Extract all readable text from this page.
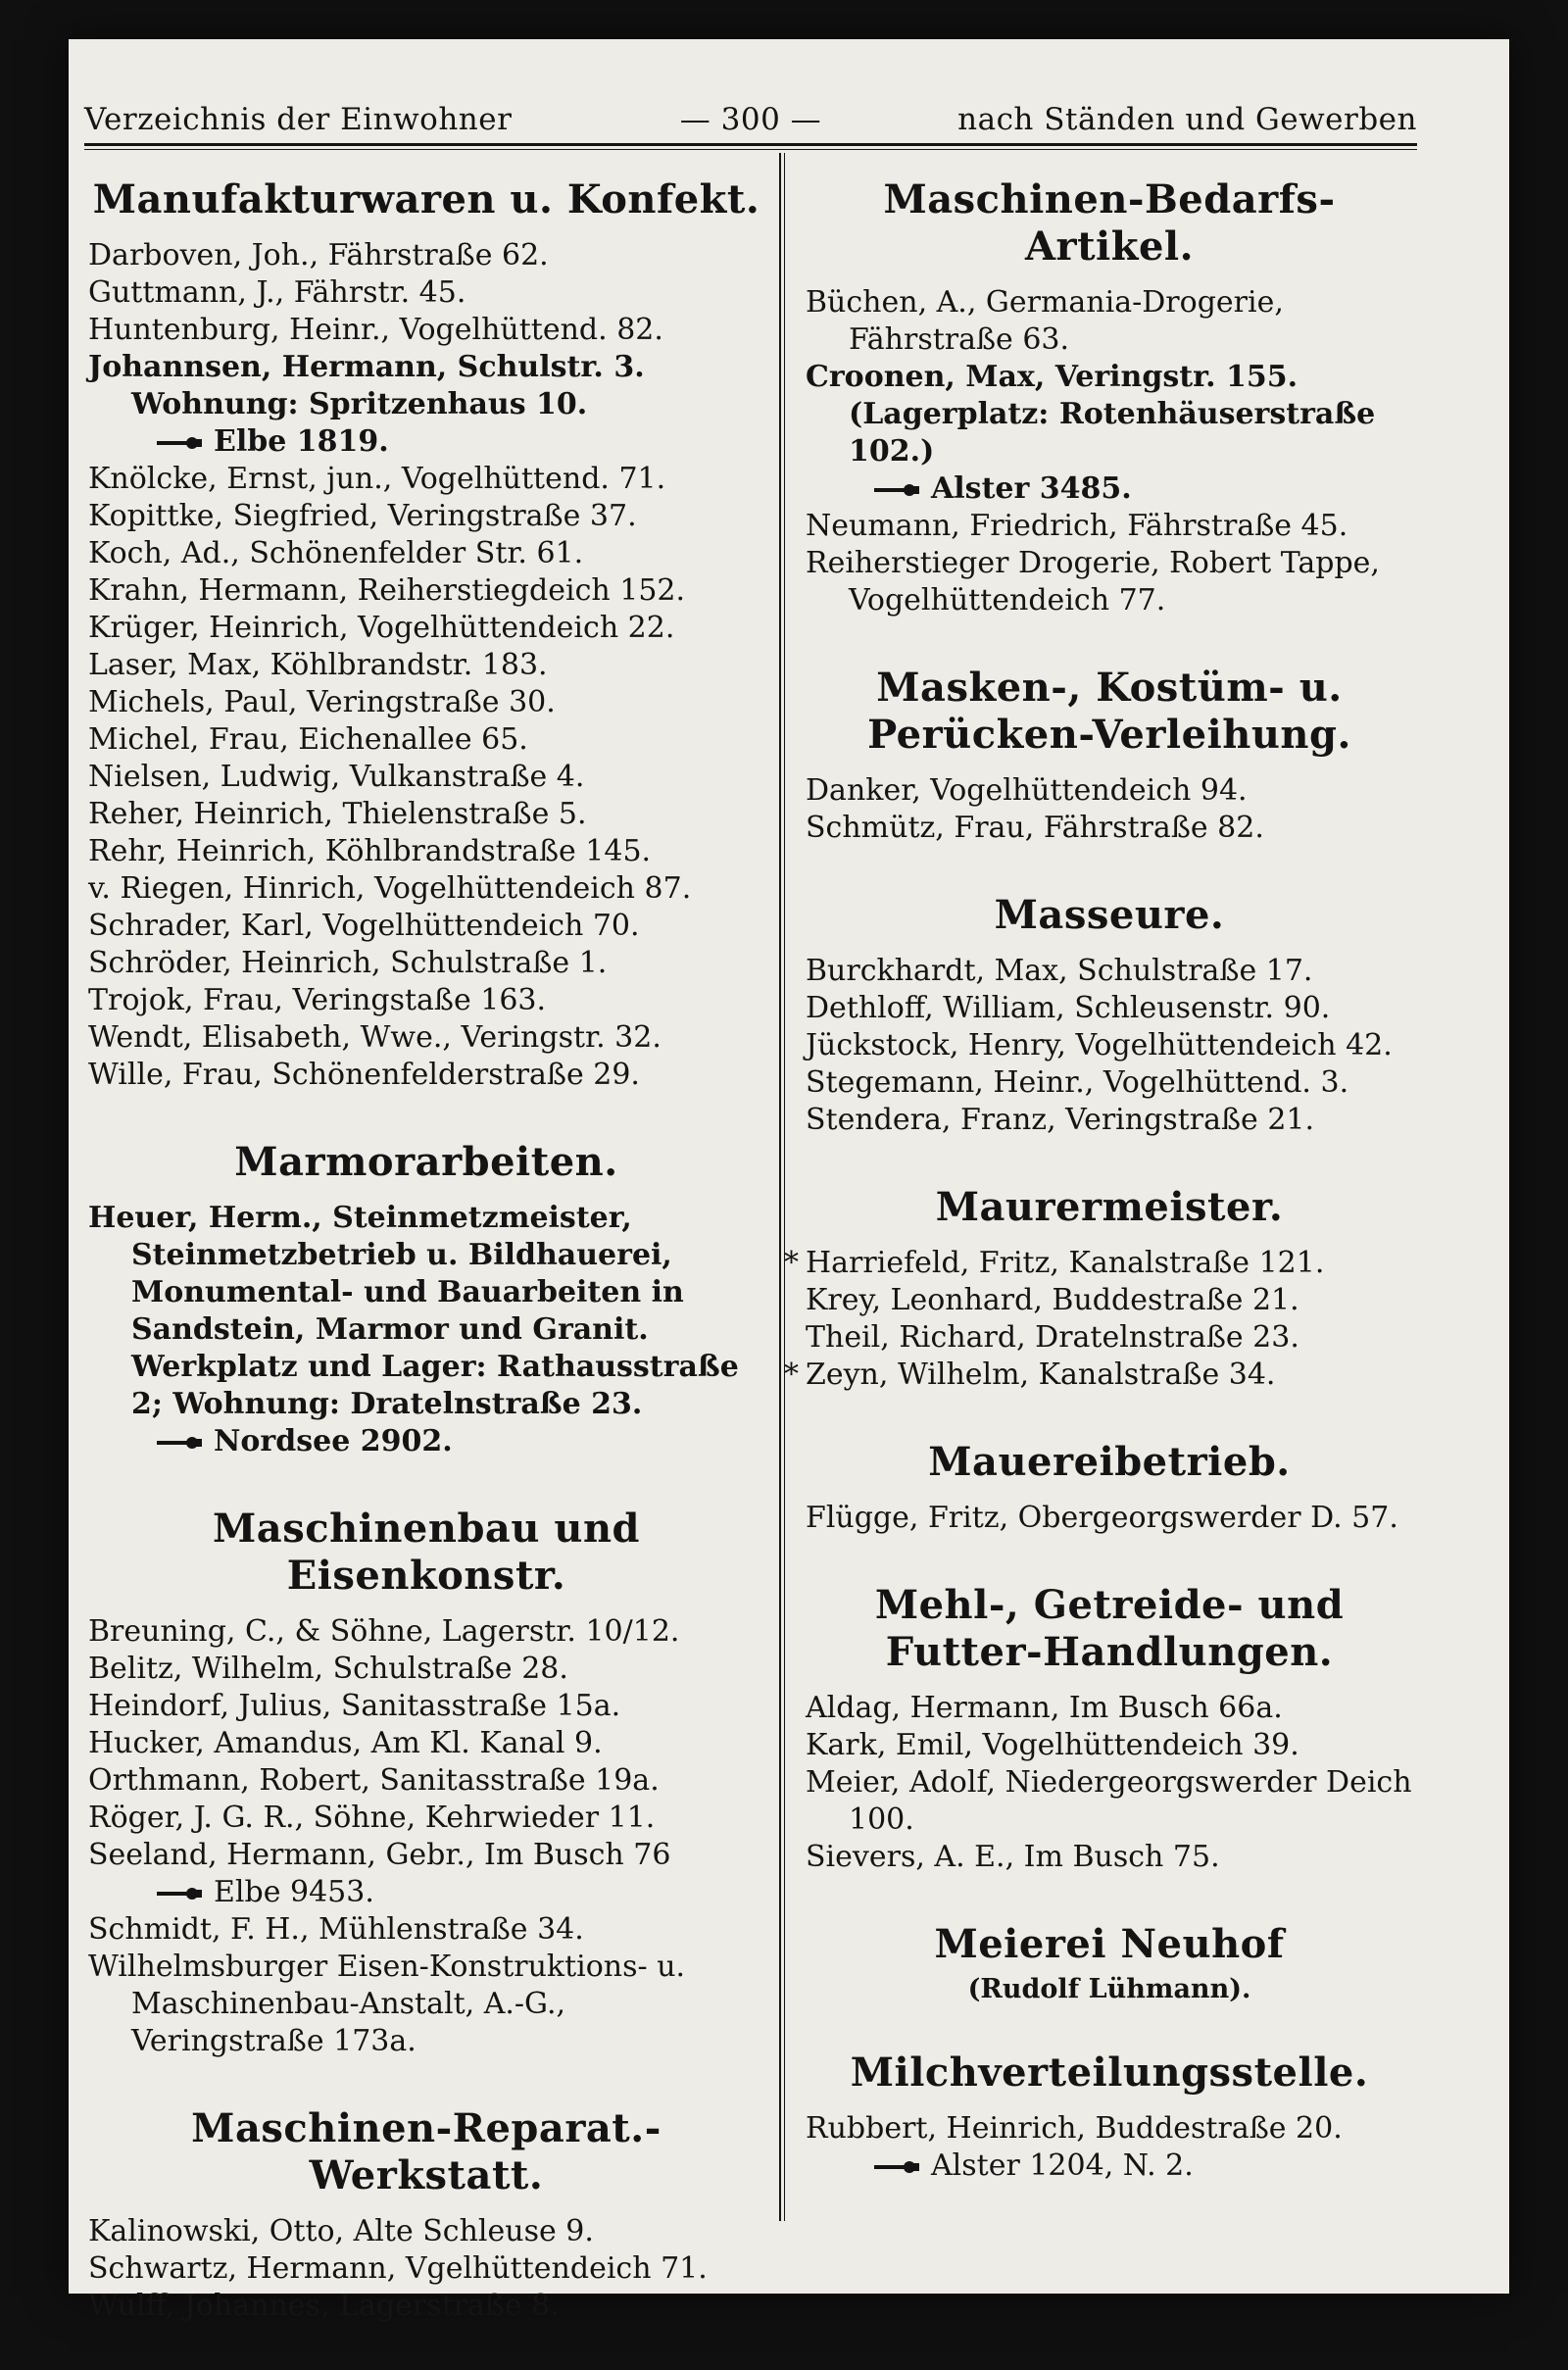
Verzeichnis der Einwohner	— 300 —	nach Ständen und Gewerben
Manufakturwaren u. Konfekt.
Darboven, Joh., Fährstraße 62.
Guttmann, J., Fährstr. 45.
Huntenburg, Heinr., Vogelhüttend. 82.
Johannsen, Hermann, Schulstr. 3. Wohnung: Spritzenhaus 10.
Elbe 1819.
Knölcke, Ernst, jun., Vogelhüttend. 71.
Kopittke, Siegfried, Veringstraße 37.
Koch, Ad., Schönenfelder Str. 61.
Krahn, Hermann, Reiherstiegdeich 152.
Krüger, Heinrich, Vogelhüttendeich 22.
Laser, Max, Köhlbrandstr. 183.
Michels, Paul, Veringstraße 30.
Michel, Frau, Eichenallee 65.
Nielsen, Ludwig, Vulkanstraße 4.
Reher, Heinrich, Thielenstraße 5.
Rehr, Heinrich, Köhlbrandstraße 145.
v. Riegen, Hinrich, Vogelhüttendeich 87.
Schrader, Karl, Vogelhüttendeich 70.
Schröder, Heinrich, Schulstraße 1.
Trojok, Frau, Veringstaße 163.
Wendt, Elisabeth, Wwe., Veringstr. 32.
Wille, Frau, Schönenfelderstraße 29.
Marmorarbeiten.
Heuer, Herm., Steinmetzmeister, Steinmetzbetrieb u. Bildhauerei, Monumental- und Bauarbeiten in Sandstein, Marmor und Granit. Werkplatz und Lager: Rathausstraße 2; Wohnung: Dratelnstraße 23.
Nordsee 2902.
Maschinenbau und Eisenkonstr.
Breuning, C., & Söhne, Lagerstr. 10/12.
Belitz, Wilhelm, Schulstraße 28.
Heindorf, Julius, Sanitasstraße 15a.
Hucker, Amandus, Am Kl. Kanal 9.
Orthmann, Robert, Sanitasstraße 19a.
Röger, J. G. R., Söhne, Kehrwieder 11.
Seeland, Hermann, Gebr., Im Busch 76
Elbe 9453.
Schmidt, F. H., Mühlenstraße 34.
Wilhelmsburger Eisen-Konstruktions- u. Maschinenbau-Anstalt, A.-G., Veringstraße 173a.
Maschinen-Reparat.-Werkstatt.
Kalinowski, Otto, Alte Schleuse 9.
Schwartz, Hermann, Vgelhüttendeich 71.
Wulff, Johannes, Lagerstraße 8.
Maschinen-Bedarfs-Artikel.
Büchen, A., Germania-Drogerie, Fährstraße 63.
Croonen, Max, Veringstr. 155. (Lagerplatz: Rotenhäuserstraße 102.)
Alster 3485.
Neumann, Friedrich, Fährstraße 45.
Reiherstieger Drogerie, Robert Tappe, Vogelhüttendeich 77.
Masken-, Kostüm- u. Perücken-Verleihung.
Danker, Vogelhüttendeich 94.
Schmütz, Frau, Fährstraße 82.
Masseure.
Burckhardt, Max, Schulstraße 17.
Dethloff, William, Schleusenstr. 90.
Jückstock, Henry, Vogelhüttendeich 42.
Stegemann, Heinr., Vogelhüttend. 3.
Stendera, Franz, Veringstraße 21.
Maurermeister.
* Harriefeld, Fritz, Kanalstraße 121.
Krey, Leonhard, Buddestraße 21.
Theil, Richard, Dratelnstraße 23.
* Zeyn, Wilhelm, Kanalstraße 34.
Mauereibetrieb.
Flügge, Fritz, Obergeorgswerder D. 57.
Mehl-, Getreide- und Futter-Handlungen.
Aldag, Hermann, Im Busch 66a.
Kark, Emil, Vogelhüttendeich 39.
Meier, Adolf, Niedergeorgswerder Deich 100.
Sievers, A. E., Im Busch 75.
Meierei Neuhof
(Rudolf Lühmann).
Milchverteilungsstelle.
Rubbert, Heinrich, Buddestraße 20.
Alster 1204, N. 2.
